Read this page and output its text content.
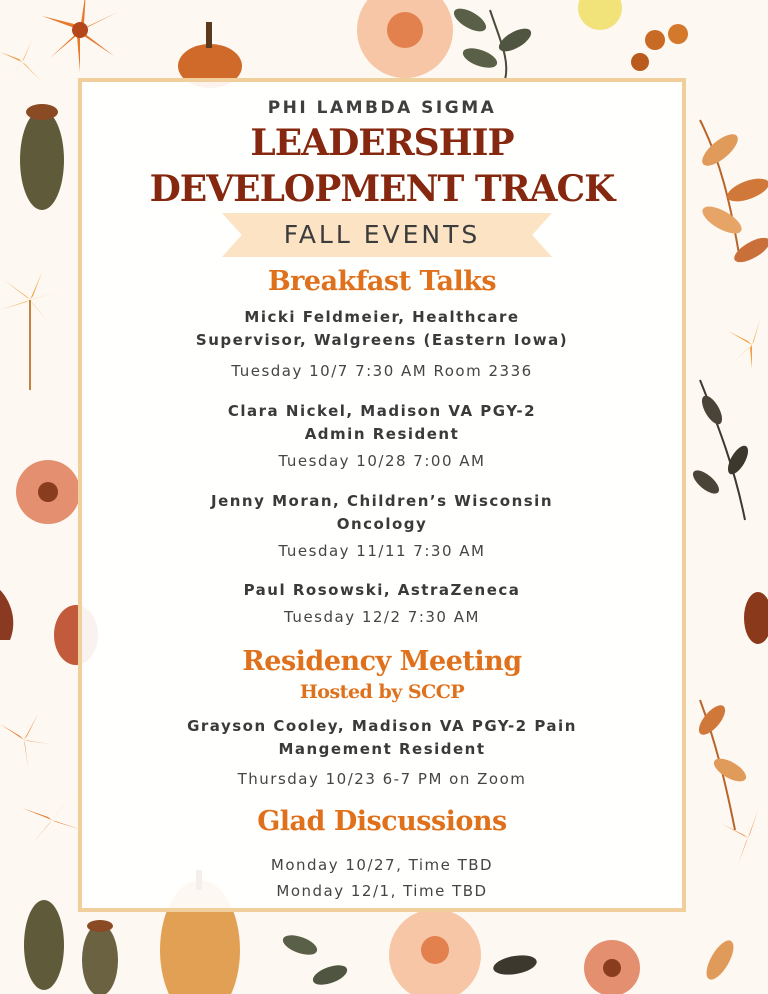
PHI LAMBDA SIGMA
LEADERSHIP
DEVELOPMENT TRACK
FALL EVENTS
Breakfast Talks
Micki Feldmeier, Healthcare
Supervisor, Walgreens (Eastern Iowa)
Tuesday 10/7 7:30 AM Room 2336
Clara Nickel, Madison VA PGY-2
Admin Resident
Tuesday 10/28 7:00 AM
Jenny Moran, Children’s Wisconsin
Oncology
Tuesday 11/11 7:30 AM
Paul Rosowski, AstraZeneca
Tuesday 12/2 7:30 AM
Residency Meeting
Hosted by SCCP
Grayson Cooley, Madison VA PGY-2 Pain
Mangement Resident
Thursday 10/23 6-7 PM on Zoom
Glad Discussions
Monday 10/27, Time TBD
Monday 12/1, Time TBD
